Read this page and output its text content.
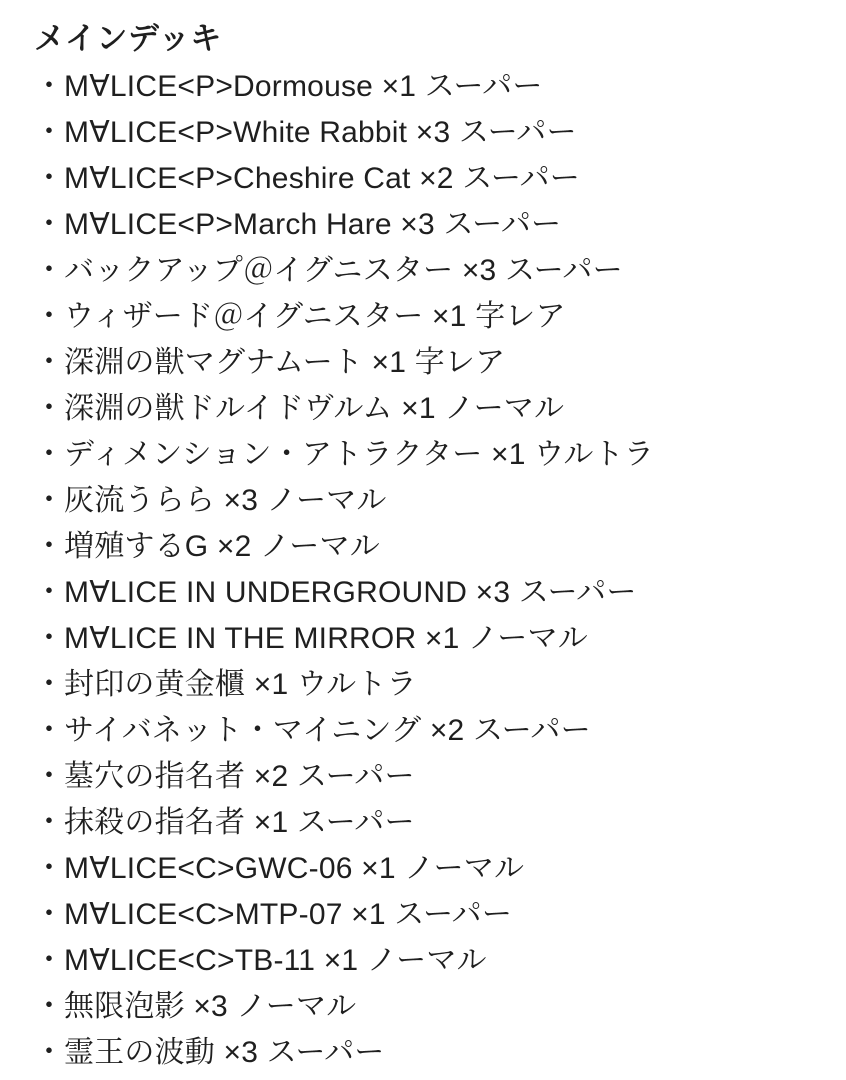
メインデッキ
・M∀LICE<P>Dormouse ×1 スーパー
・M∀LICE<P>White Rabbit ×3 スーパー
・M∀LICE<P>Cheshire Cat ×2 スーパー
・M∀LICE<P>March Hare ×3 スーパー
・バックアップ＠イグニスター ×3 スーパー
・ウィザード＠イグニスター ×1 字レア
・深淵の獣マグナムート ×1 字レア
・深淵の獣ドルイドヴルム ×1 ノーマル
・ディメンション・アトラクター ×1 ウルトラ
・灰流うらら ×3 ノーマル
・増殖するG ×2 ノーマル
・M∀LICE IN UNDERGROUND ×3 スーパー
・M∀LICE IN THE MIRROR ×1 ノーマル
・封印の黄金櫃 ×1 ウルトラ
・サイバネット・マイニング ×2 スーパー
・墓穴の指名者 ×2 スーパー
・抹殺の指名者 ×1 スーパー
・M∀LICE<C>GWC-06 ×1 ノーマル
・M∀LICE<C>MTP-07 ×1 スーパー
・M∀LICE<C>TB-11 ×1 ノーマル
・無限泡影 ×3 ノーマル
・霊王の波動 ×3 スーパー
